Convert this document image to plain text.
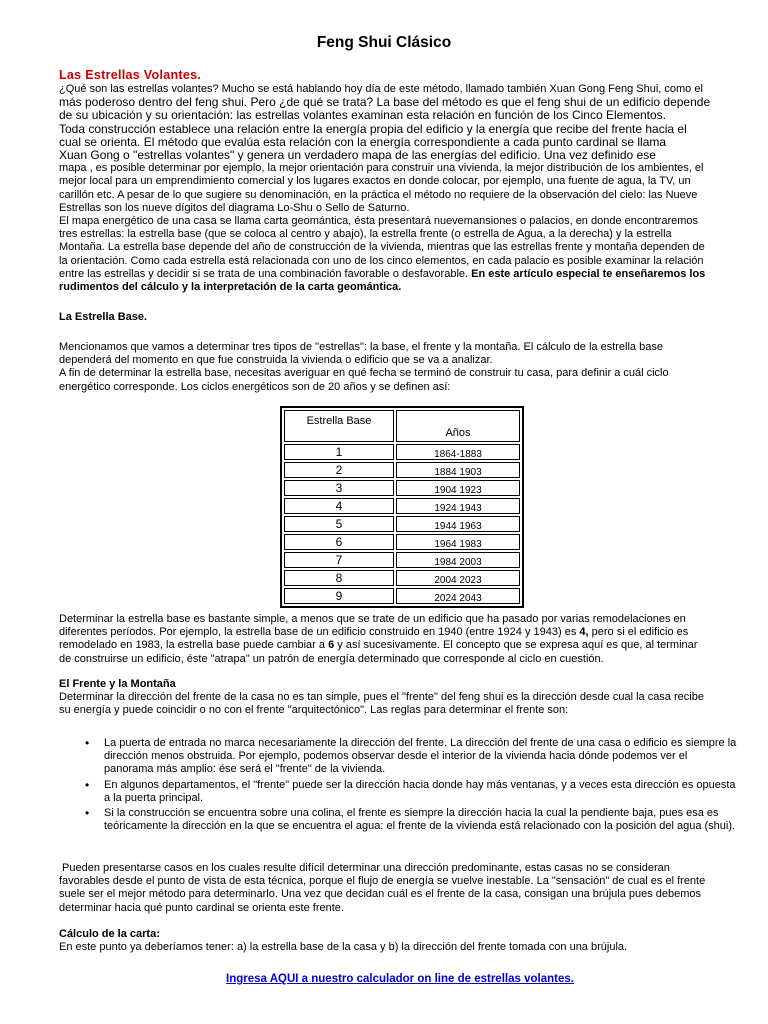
Feng Shui Clásico
Las Estrellas Volantes.
¿Qué son las estrellas volantes? Mucho se está hablando hoy día de este método, llamado también Xuan Gong Feng Shui, como el
más poderoso dentro del feng shui. Pero ¿de qué se trata? La base del método es que el feng shui de un edificio depende
de su ubicación y su orientación: las estrellas volantes examinan esta relación en función de los Cinco Elementos.
Toda construcción establece una relación entre la energía propia del edificio y la energía que recibe del frente hacia el
cual se orienta. El método que evalúa esta relación con la energía correspondiente a cada punto cardinal se llama
Xuan Gong o "estrellas volantes" y genera un verdadero mapa de las energías del edificio. Una vez definido ese
mapa , es posible determinar por ejemplo, la mejor orientación para construir una vivienda, la mejor distribución de los ambientes, el
mejor local para un emprendimiento comercial y los lugares exactos en donde colocar, por ejemplo, una fuente de agua, la TV, un
carillón etc. A pesar de lo que sugiere su denominación, en la práctica el método no requiere de la observación del cielo: las Nueve
Estrellas son los nueve dígitos del diagrama Lo-Shu o Sello de Saturno.
El mapa energético de una casa se llama carta geomántica, ésta presentará nuevemansiones o palacios, en donde encontraremos
tres estrellas: la estrella base (que se coloca al centro y abajo), la estrella frente (o estrella de Agua, a la derecha) y la estrella
Montaña. La estrella base depende del año de construcción de la vivienda, mientras que las estrellas frente y montaña dependen de
la orientación. Como cada estrella está relacionada con uno de los cinco elementos, en cada palacio es posible examinar la relación
entre las estrellas y decidir si se trata de una combinación favorable o desfavorable. En este artículo especial te enseñaremos los
rudimentos del cálculo y la interpretación de la carta geomántica.
La Estrella Base.
Mencionamos que vamos a determinar tres tipos de "estrellas": la base, el frente y la montaña. El cálculo de la estrella base
dependerá del momento en que fue construida la vivienda o edificio que se va a analizar.
A fin de determinar la estrella base, necesitas averiguar en qué fecha se terminó de construir tu casa, para definir a cuál ciclo
energético corresponde. Los ciclos energéticos son de 20 años y se definen así:
Estrella Base	Años
1	1864-1883
2	1884 1903
3	1904 1923
4	1924 1943
5	1944 1963
6	1964 1983
7	1984 2003
8	2004 2023
9	2024 2043
Determinar la estrella base es bastante simple, a menos que se trate de un edificio que ha pasado por varias remodelaciones en
diferentes períodos. Por ejemplo, la estrella base de un edificio construido en 1940 (entre 1924 y 1943) es 4, pero si el edificio es
remodelado en 1983, la estrella base puede cambiar a 6 y así sucesivamente. El concepto que se expresa aquí es que, al terminar
de construirse un edificio, éste "atrapa" un patrón de energía determinado que corresponde al ciclo en cuestión.
El Frente y la Montaña
Determinar la dirección del frente de la casa no es tan simple, pues el "frente" del feng shui es la dirección desde cual la casa recibe
su energía y puede coincidir o no con el frente "arquitectónico". Las reglas para determinar el frente son:
• La puerta de entrada no marca necesariamente la dirección del frente. La dirección del frente de una casa o edificio es siempre la dirección menos obstruida. Por ejemplo, podemos observar desde el interior de la vivienda hacia dónde podemos ver el panorama más amplio: ése será el "frente" de la vivienda.
• En algunos departamentos, el "frente" puede ser la dirección hacia donde hay más ventanas, y a veces esta dirección es opuesta a la puerta principal.
• Si la construcción se encuentra sobre una colina, el frente es siempre la dirección hacia la cual la pendiente baja, pues esa es teóricamente la dirección en la que se encuentra el agua: el frente de la vivienda está relacionado con la posición del agua (shui).
Pueden presentarse casos en los cuales resulte difícil determinar una dirección predominante, estas casas no se consideran
favorables desde el punto de vista de esta técnica, porque el flujo de energía se vuelve inestable. La "sensación" de cual es el frente
suele ser el mejor método para determinarlo. Una vez que decidan cuál es el frente de la casa, consigan una brújula pues debemos
determinar hacia qué punto cardinal se orienta este frente.
Cálculo de la carta:
En este punto ya deberíamos tener: a) la estrella base de la casa y b) la dirección del frente tomada con una brújula.
Ingresa AQUI a nuestro calculador on line de estrellas volantes.
